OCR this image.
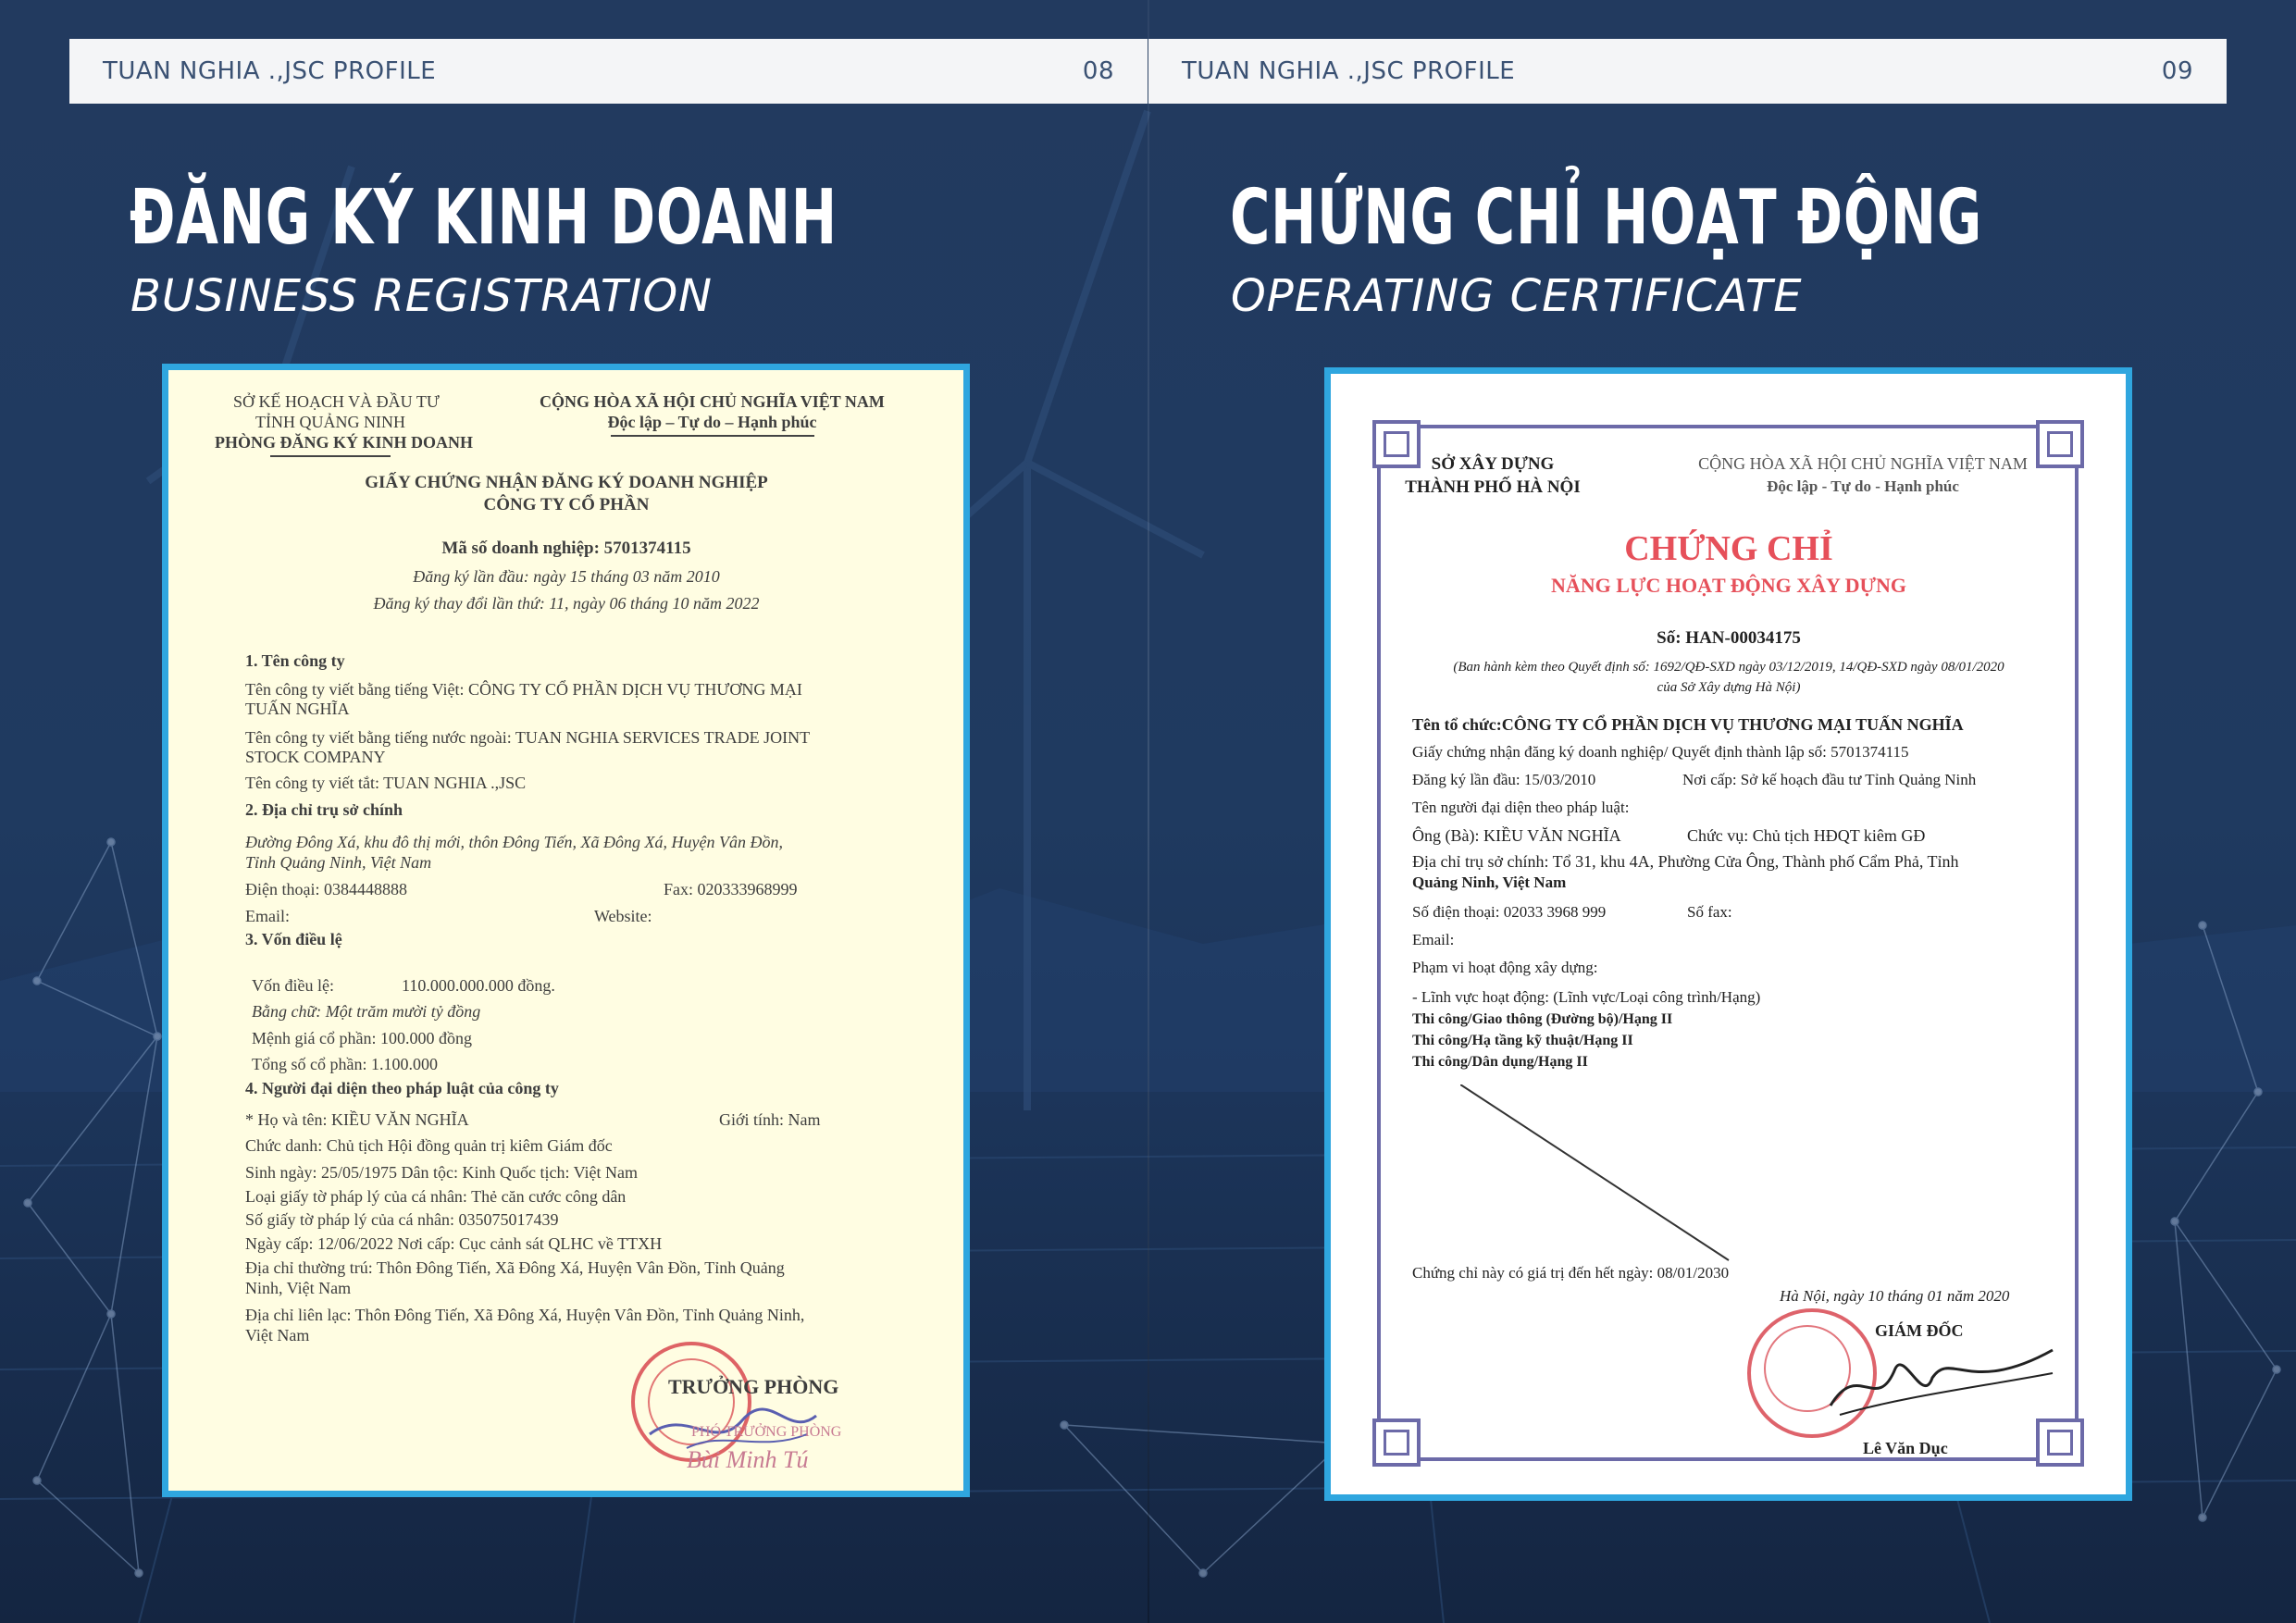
TUAN NGHIA .,JSC PROFILE	08	TUAN NGHIA .,JSC PROFILE	09
ĐĂNG KÝ KINH DOANH
BUSINESS REGISTRATION
CHỨNG CHỈ HOẠT ĐỘNG
OPERATING CERTIFICATE
SỞ KẾ HOẠCH VÀ ĐẦU TƯ
TỈNH QUẢNG NINH
PHÒNG ĐĂNG KÝ KINH DOANH
CỘNG HÒA XÃ HỘI CHỦ NGHĨA VIỆT NAM
Độc lập – Tự do – Hạnh phúc
GIẤY CHỨNG NHẬN ĐĂNG KÝ DOANH NGHIỆP
CÔNG TY CỔ PHẦN
Mã số doanh nghiệp: 5701374115
Đăng ký lần đầu: ngày 15 tháng 03 năm 2010
Đăng ký thay đổi lần thứ: 11, ngày 06 tháng 10 năm 2022
1. Tên công ty
Tên công ty viết bằng tiếng Việt: CÔNG TY CỔ PHẦN DỊCH VỤ THƯƠNG MẠI
TUẤN NGHĨA
Tên công ty viết bằng tiếng nước ngoài: TUAN NGHIA SERVICES TRADE JOINT
STOCK COMPANY
Tên công ty viết tắt: TUAN NGHIA .,JSC
2. Địa chỉ trụ sở chính
Đường Đông Xá, khu đô thị mới, thôn Đông Tiến, Xã Đông Xá, Huyện Vân Đồn,
Tỉnh Quảng Ninh, Việt Nam
Điện thoại: 0384448888	Fax: 020333968999
Email:	Website:
3. Vốn điều lệ
Vốn điều lệ:	110.000.000.000 đồng.
Bằng chữ: Một trăm mười tỷ đồng
Mệnh giá cổ phần: 100.000 đồng
Tổng số cổ phần: 1.100.000
4. Người đại diện theo pháp luật của công ty
* Họ và tên: KIỀU VĂN NGHĨA	Giới tính: Nam
Chức danh: Chủ tịch Hội đồng quản trị kiêm Giám đốc
Sinh ngày: 25/05/1975 Dân tộc: Kinh Quốc tịch: Việt Nam
Loại giấy tờ pháp lý của cá nhân: Thẻ căn cước công dân
Số giấy tờ pháp lý của cá nhân: 035075017439
Ngày cấp: 12/06/2022 Nơi cấp: Cục cảnh sát QLHC về TTXH
Địa chỉ thường trú: Thôn Đông Tiến, Xã Đông Xá, Huyện Vân Đồn, Tỉnh Quảng
Ninh, Việt Nam
Địa chỉ liên lạc: Thôn Đông Tiến, Xã Đông Xá, Huyện Vân Đồn, Tỉnh Quảng Ninh,
Việt Nam
TRƯỞNG PHÒNG
PHÓ TRƯỞNG PHÒNG
Bùi Minh Tú
SỞ XÂY DỰNG
THÀNH PHỐ HÀ NỘI
CỘNG HÒA XÃ HỘI CHỦ NGHĨA VIỆT NAM
Độc lập - Tự do - Hạnh phúc
CHỨNG CHỈ
NĂNG LỰC HOẠT ĐỘNG XÂY DỰNG
Số: HAN-00034175
(Ban hành kèm theo Quyết định số: 1692/QĐ-SXD ngày 03/12/2019, 14/QĐ-SXD ngày 08/01/2020
của Sở Xây dựng Hà Nội)
Tên tổ chức:CÔNG TY CỔ PHẦN DỊCH VỤ THƯƠNG MẠI TUẤN NGHĨA
Giấy chứng nhận đăng ký doanh nghiệp/ Quyết định thành lập số: 5701374115
Đăng ký lần đầu: 15/03/2010	Nơi cấp: Sở kế hoạch đầu tư Tỉnh Quảng Ninh
Tên người đại diện theo pháp luật:
Ông (Bà): KIỀU VĂN NGHĨA	Chức vụ: Chủ tịch HĐQT kiêm GĐ
Địa chỉ trụ sở chính: Tổ 31, khu 4A, Phường Cửa Ông, Thành phố Cẩm Phả, Tỉnh
Quảng Ninh, Việt Nam
Số điện thoại: 02033 3968 999	Số fax:
Email:
Phạm vi hoạt động xây dựng:
- Lĩnh vực hoạt động: (Lĩnh vực/Loại công trình/Hạng)
Thi công/Giao thông (Đường bộ)/Hạng II
Thi công/Hạ tầng kỹ thuật/Hạng II
Thi công/Dân dụng/Hạng II
Chứng chỉ này có giá trị đến hết ngày: 08/01/2030
Hà Nội, ngày 10 tháng 01 năm 2020
GIÁM ĐỐC
Lê Văn Dục
